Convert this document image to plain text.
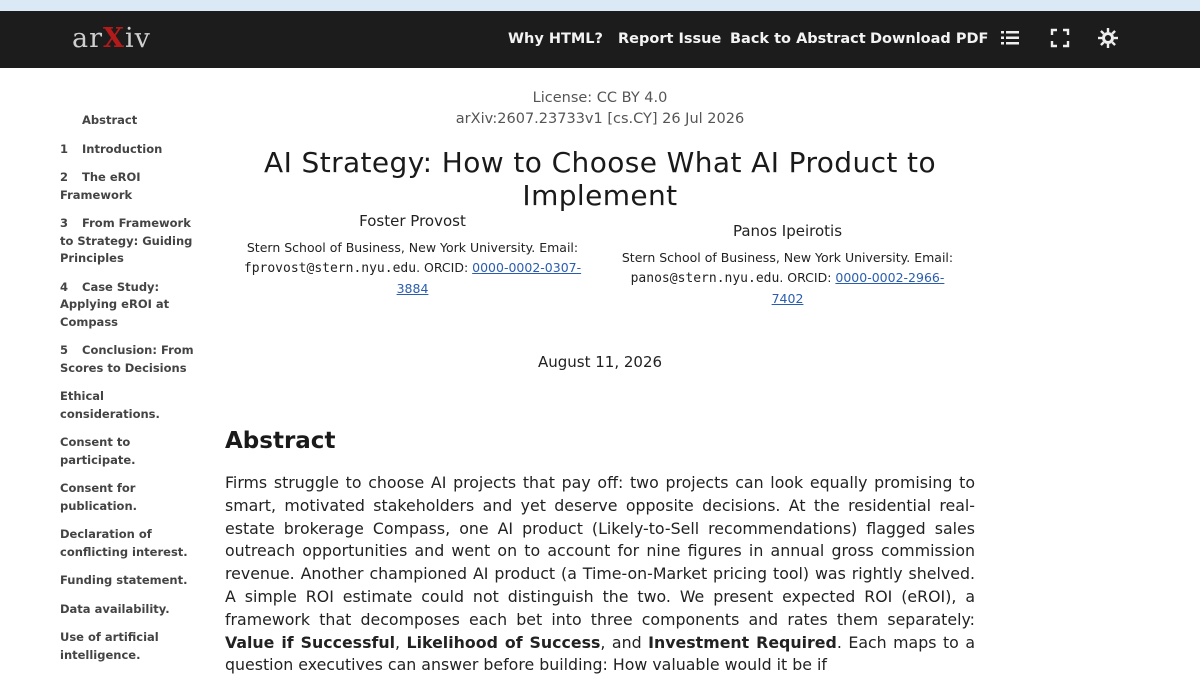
arXiv	Why HTML? Report Issue Back to Abstract Download PDF
Abstract
1 Introduction
2 The eROI Framework
3 From Framework to Strategy: Guiding Principles
4 Case Study: Applying eROI at Compass
5 Conclusion: From Scores to Decisions
Ethical considerations.
Consent to participate.
Consent for publication.
Declaration of conflicting interest.
Funding statement.
Data availability.
Use of artificial intelligence.
License: CC BY 4.0
arXiv:2607.23733v1 [cs.CY] 26 Jul 2026
AI Strategy: How to Choose What AI Product to Implement
Foster Provost
Stern School of Business, New York University. Email:
fprovost@stern.nyu.edu. ORCID: 0000-0002-0307-3884
Panos Ipeirotis
Stern School of Business, New York University. Email:
panos@stern.nyu.edu. ORCID: 0000-0002-2966-7402
August 11, 2026
Abstract

Firms struggle to choose AI projects that pay off: two projects can look equally promising to smart, motivated stakeholders and yet deserve opposite decisions. At the residential real-estate brokerage Compass, one AI product (Likely-to-Sell recommendations) flagged sales outreach opportunities and went on to account for nine figures in annual gross commission revenue. Another championed AI product (a Time-on-Market pricing tool) was rightly shelved. A simple ROI estimate could not distinguish the two. We present expected ROI (eROI), a framework that decomposes each bet into three components and rates them separately: Value if Successful, Likelihood of Success, and Investment Required. Each maps to a question executives can answer before building: How valuable would it be if
